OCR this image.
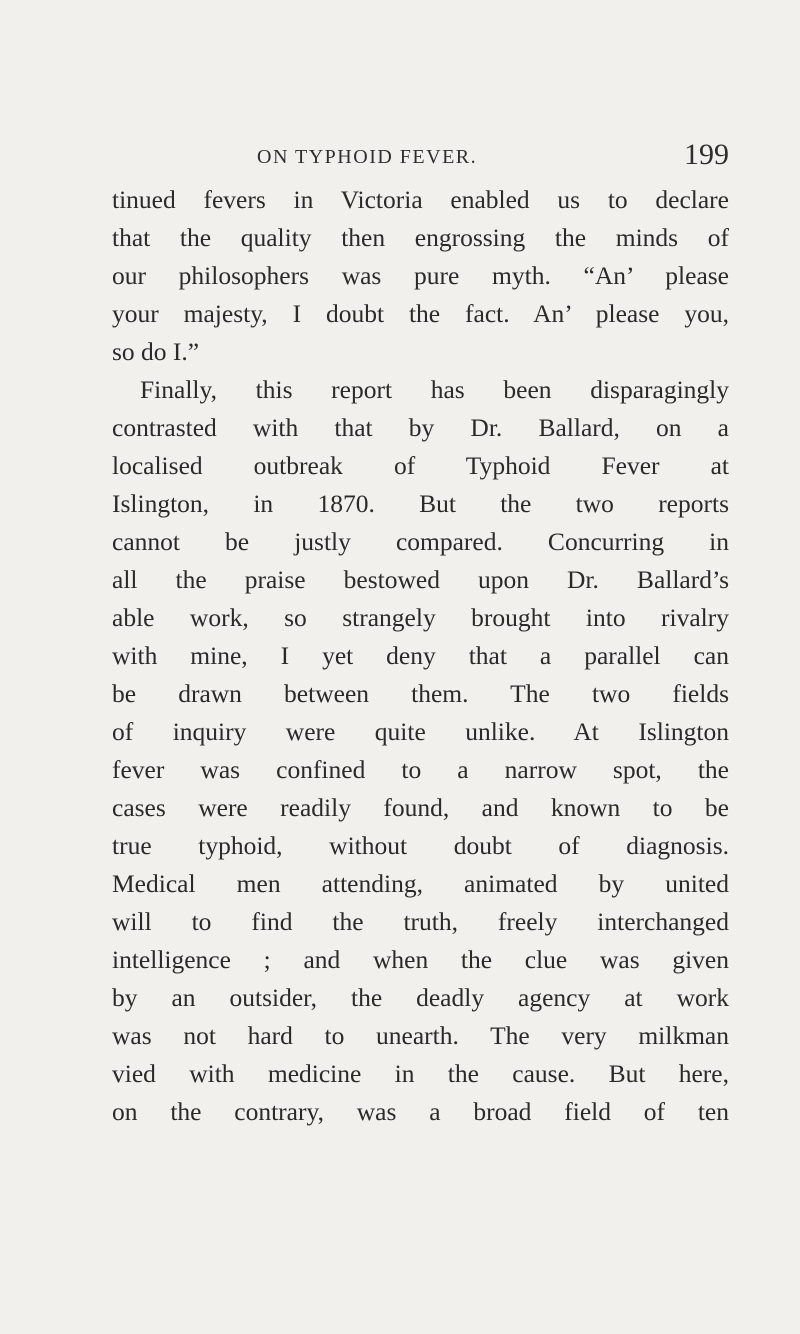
ON TYPHOID FEVER.	199
tinued fevers in Victoria enabled us to declare
that the quality then engrossing the minds of
our philosophers was pure myth. “An’ please
your majesty, I doubt the fact. An’ please you,
so do I.”
Finally, this report has been disparagingly
contrasted with that by Dr. Ballard, on a
localised outbreak of Typhoid Fever at
Islington, in 1870. But the two reports
cannot be justly compared. Concurring in
all the praise bestowed upon Dr. Ballard’s
able work, so strangely brought into rivalry
with mine, I yet deny that a parallel can
be drawn between them. The two fields
of inquiry were quite unlike. At Islington
fever was confined to a narrow spot, the
cases were readily found, and known to be
true typhoid, without doubt of diagnosis.
Medical men attending, animated by united
will to find the truth, freely interchanged
intelligence ; and when the clue was given
by an outsider, the deadly agency at work
was not hard to unearth. The very milkman
vied with medicine in the cause. But here,
on the contrary, was a broad field of ten
